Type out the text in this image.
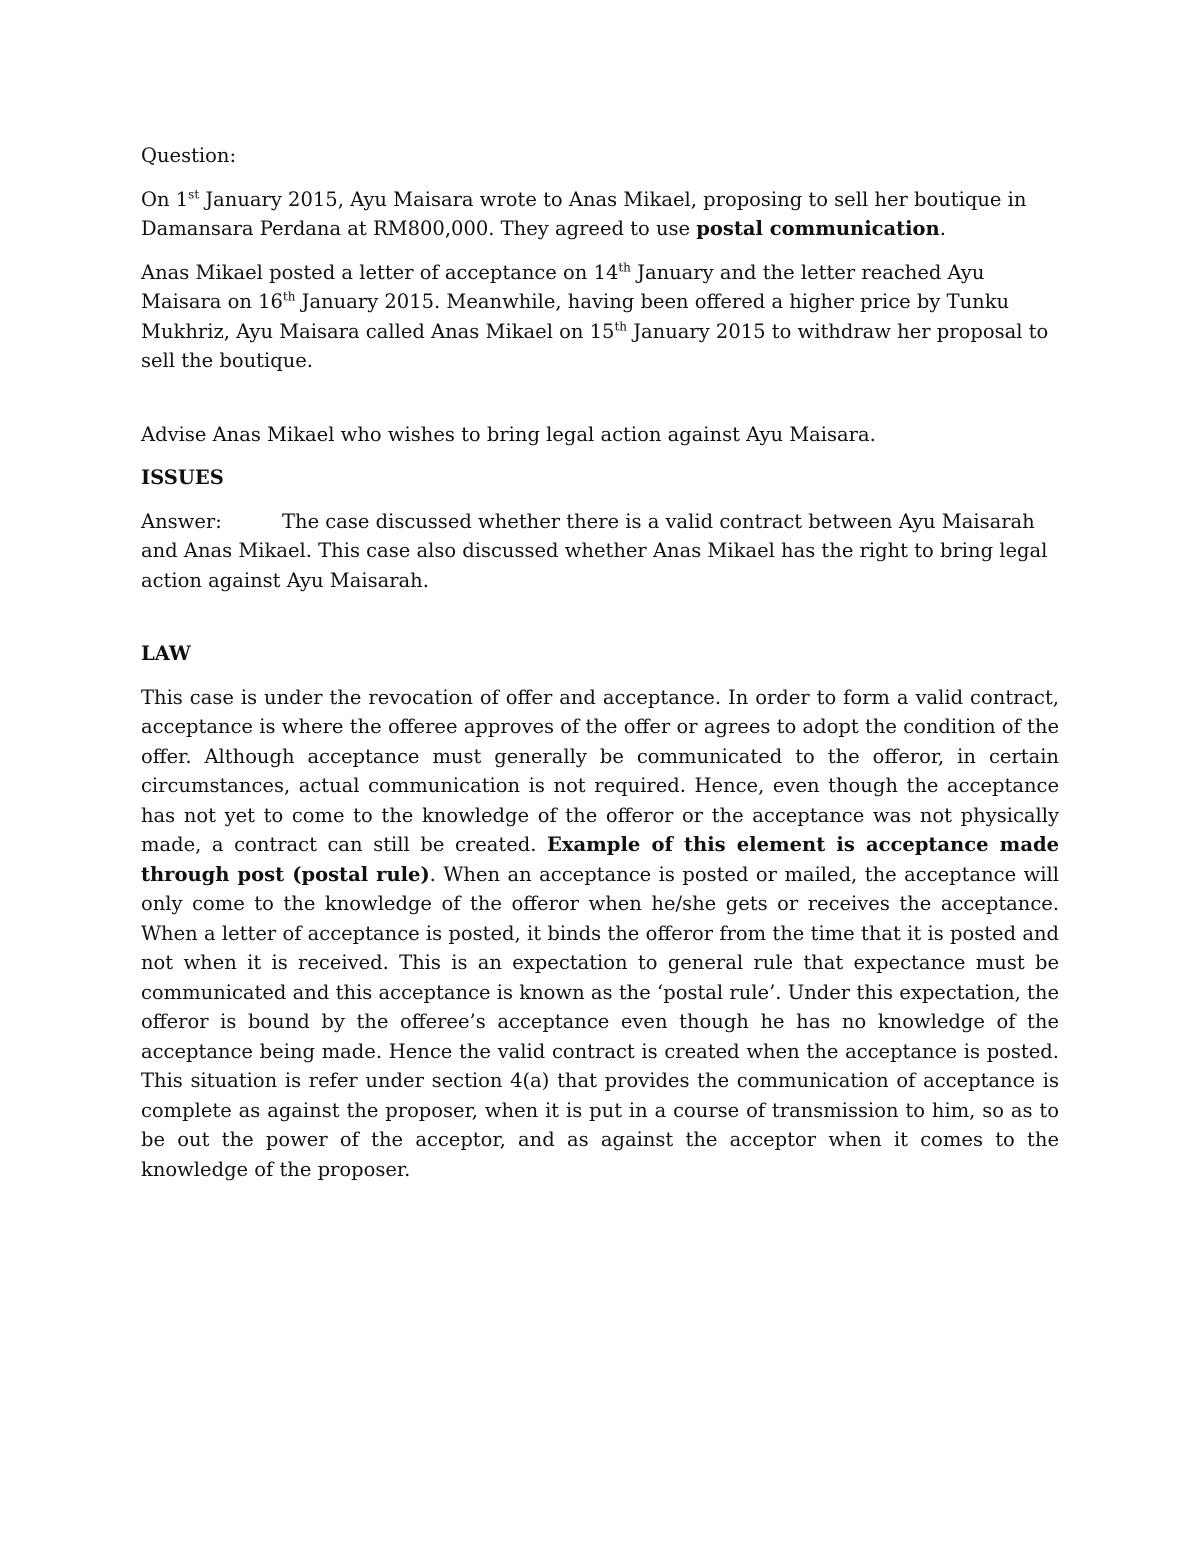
Question:

On 1st January 2015, Ayu Maisara wrote to Anas Mikael, proposing to sell her boutique in Damansara Perdana at RM800,000. They agreed to use postal communication.

Anas Mikael posted a letter of acceptance on 14th January and the letter reached Ayu Maisara on 16th January 2015. Meanwhile, having been offered a higher price by Tunku Mukhriz, Ayu Maisara called Anas Mikael on 15th January 2015 to withdraw her proposal to sell the boutique.

Advise Anas Mikael who wishes to bring legal action against Ayu Maisara.

ISSUES

Answer:	The case discussed whether there is a valid contract between Ayu Maisarah and Anas Mikael. This case also discussed whether Anas Mikael has the right to bring legal action against Ayu Maisarah.

LAW

This case is under the revocation of offer and acceptance. In order to form a valid contract, acceptance is where the offeree approves of the offer or agrees to adopt the condition of the offer. Although acceptance must generally be communicated to the offeror, in certain circumstances, actual communication is not required. Hence, even though the acceptance has not yet to come to the knowledge of the offeror or the acceptance was not physically made, a contract can still be created. Example of this element is acceptance made through post (postal rule). When an acceptance is posted or mailed, the acceptance will only come to the knowledge of the offeror when he/she gets or receives the acceptance. When a letter of acceptance is posted, it binds the offeror from the time that it is posted and not when it is received. This is an expectation to general rule that expectance must be communicated and this acceptance is known as the ‘postal rule’. Under this expectation, the offeror is bound by the offeree’s acceptance even though he has no knowledge of the acceptance being made. Hence the valid contract is created when the acceptance is posted. This situation is refer under section 4(a) that provides the communication of acceptance is complete as against the proposer, when it is put in a course of transmission to him, so as to be out the power of the acceptor, and as against the acceptor when it comes to the knowledge of the proposer.
